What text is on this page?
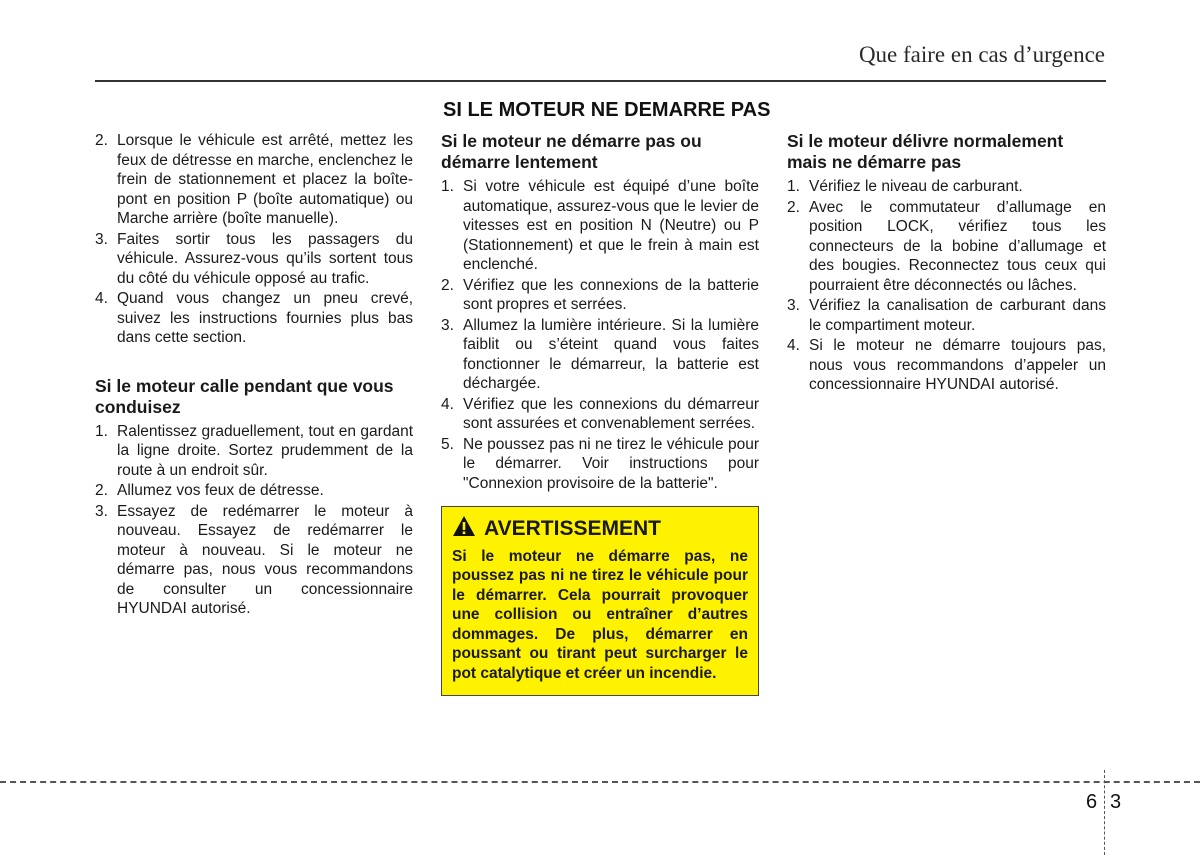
Que faire en cas d’urgence
SI LE MOTEUR NE DEMARRE PAS
2. Lorsque le véhicule est arrêté, mettez les feux de détresse en marche, enclenchez le frein de stationnement et placez la boîte-pont en position P (boîte automatique) ou Marche arrière (boîte manuelle).
3. Faites sortir tous les passagers du véhicule. Assurez-vous qu’ils sortent tous du côté du véhicule opposé au trafic.
4. Quand vous changez un pneu crevé, suivez les instructions fournies plus bas dans cette section.
Si le moteur calle pendant que vous conduisez
1. Ralentissez graduellement, tout en gardant la ligne droite. Sortez prudemment de la route à un endroit sûr.
2. Allumez vos feux de détresse.
3. Essayez de redémarrer le moteur à nouveau. Essayez de redémarrer le moteur à nouveau. Si le moteur ne démarre pas, nous vous recommandons de consulter un concessionnaire HYUNDAI autorisé.
Si le moteur ne démarre pas ou démarre lentement
1. Si votre véhicule est équipé d’une boîte automatique, assurez-vous que le levier de vitesses est en position N (Neutre) ou P (Stationnement) et que le frein à main est enclenché.
2. Vérifiez que les connexions de la batterie sont propres et serrées.
3. Allumez la lumière intérieure. Si la lumière faiblit ou s’éteint quand vous faites fonctionner le démarreur, la batterie est déchargée.
4. Vérifiez que les connexions du démarreur sont assurées et convenablement serrées.
5. Ne poussez pas ni ne tirez le véhicule pour le démarrer. Voir instructions pour "Connexion provisoire de la batterie".
AVERTISSEMENT
Si le moteur ne démarre pas, ne poussez pas ni ne tirez le véhicule pour le démarrer. Cela pourrait provoquer une collision ou entraîner d’autres dommages. De plus, démarrer en poussant ou tirant peut surcharger le pot catalytique et créer un incendie.
Si le moteur délivre normalement mais ne démarre pas
1. Vérifiez le niveau de carburant.
2. Avec le commutateur d’allumage en position LOCK, vérifiez tous les connecteurs de la bobine d’allumage et des bougies. Reconnectez tous ceux qui pourraient être déconnectés ou lâches.
3. Vérifiez la canalisation de carburant dans le compartiment moteur.
4. Si le moteur ne démarre toujours pas, nous vous recommandons d’appeler un concessionnaire HYUNDAI autorisé.
6 3
